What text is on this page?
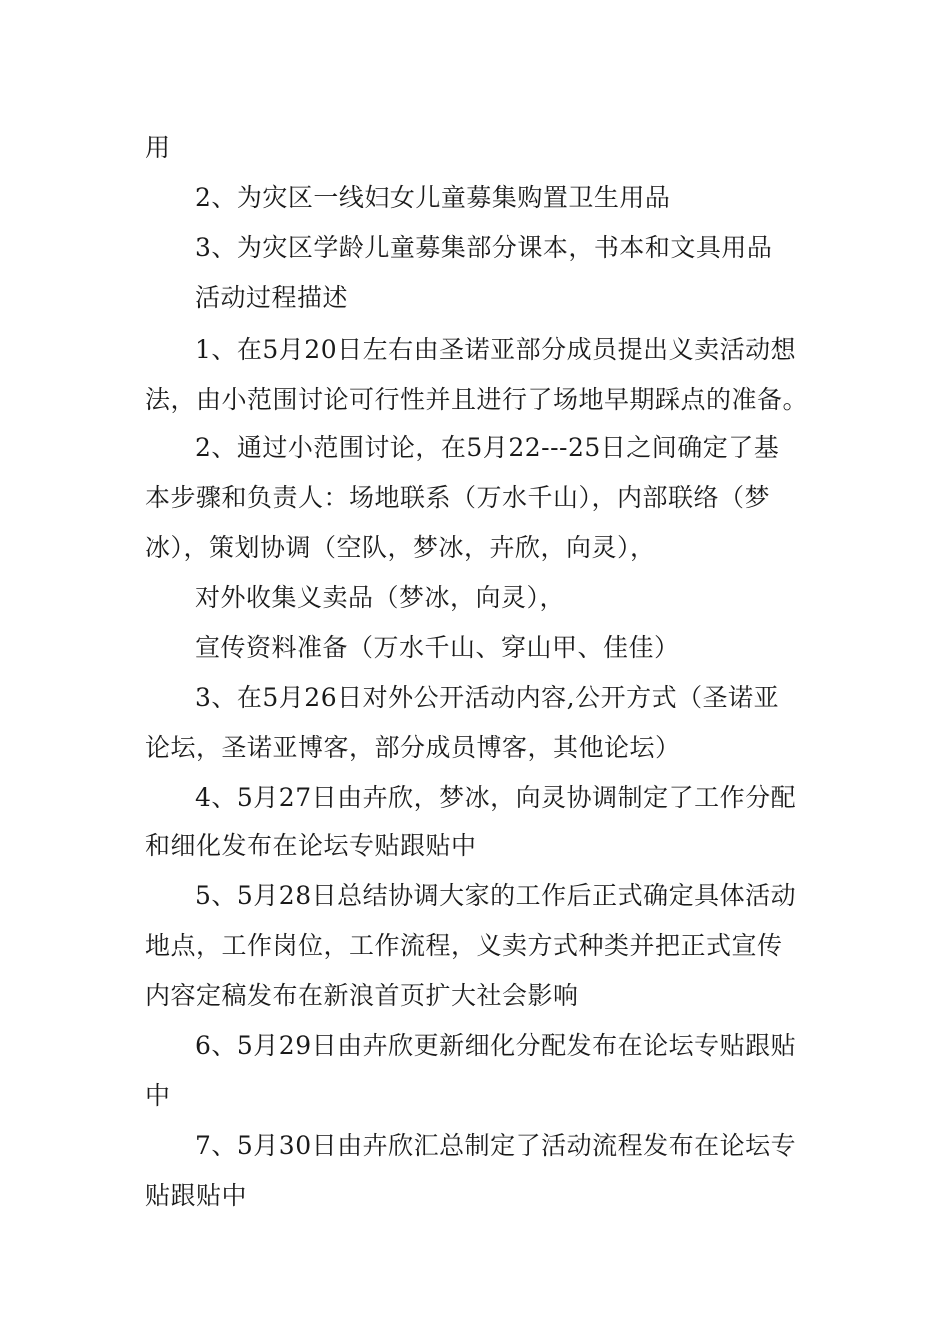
用
2、为灾区一线妇女儿童募集购置卫生用品
3、为灾区学龄儿童募集部分课本，书本和文具用品
活动过程描述
1、在5月20日左右由圣诺亚部分成员提出义卖活动想
法，由小范围讨论可行性并且进行了场地早期踩点的准备。
2、通过小范围讨论，在5月22---25日之间确定了基
本步骤和负责人：场地联系（万水千山），内部联络（梦
冰），策划协调（空队，梦冰，卉欣，向灵），
对外收集义卖品（梦冰，向灵），
宣传资料准备（万水千山、穿山甲、佳佳）
3、在5月26日对外公开活动内容,公开方式（圣诺亚
论坛，圣诺亚博客，部分成员博客，其他论坛）
4、5月27日由卉欣，梦冰，向灵协调制定了工作分配
和细化发布在论坛专贴跟贴中
5、5月28日总结协调大家的工作后正式确定具体活动
地点，工作岗位，工作流程，义卖方式种类并把正式宣传
内容定稿发布在新浪首页扩大社会影响
6、5月29日由卉欣更新细化分配发布在论坛专贴跟贴
中
7、5月30日由卉欣汇总制定了活动流程发布在论坛专
贴跟贴中
